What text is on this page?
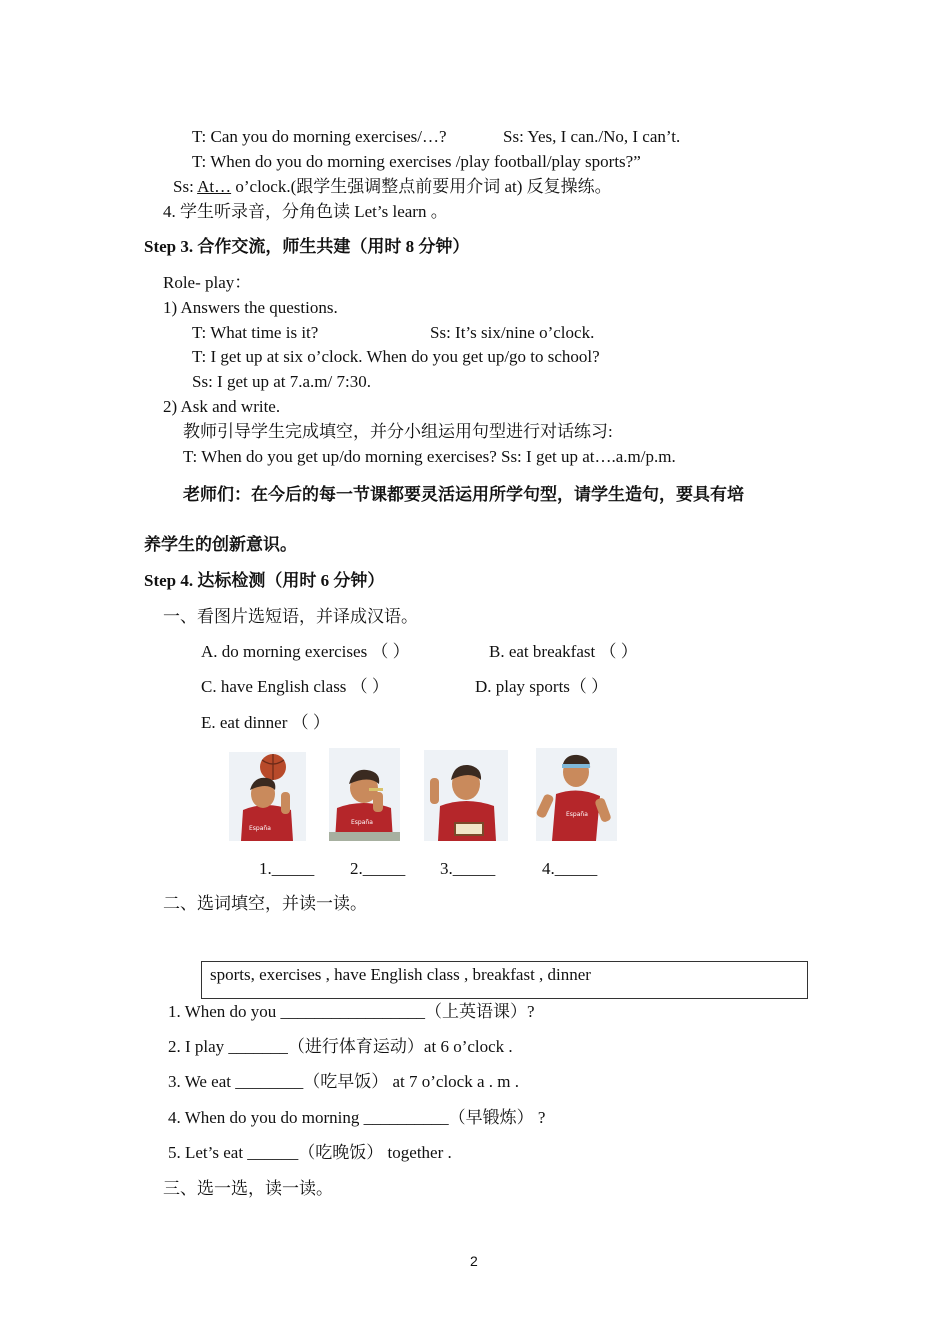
T: Can you do morning exercises/…?	Ss: Yes, I can./No, I can’t.
T: When do you do morning exercises /play football/play sports?”
Ss: At… o’clock.(跟学生强调整点前要用介词 at) 反复操练。
4. 学生听录音，分角色读 Let’s learn 。
Step 3. 合作交流，师生共建（用时 8 分钟）
Role- play：
1) Answers the questions.
T: What time is it?	Ss: It’s six/nine o’clock.
T: I get up at six o’clock. When do you get up/go to school?
Ss: I get up at 7.a.m/ 7:30.
2) Ask and write.
教师引导学生完成填空，并分小组运用句型进行对话练习:
T: When do you get up/do morning exercises? Ss: I get up at….a.m/p.m.
老师们：在今后的每一节课都要灵活运用所学句型，请学生造句，要具有培
养学生的创新意识。
Step 4. 达标检测（用时 6 分钟）
一、看图片选短语，并译成汉语。
A. do morning exercises （ ）	B. eat breakfast （ ）
C. have English class （ ）	D. play sports（ ）
E. eat dinner （ ）
España
España
España
1._____ 2._____ 3._____	4._____
二、选词填空，并读一读。
sports, exercises , have English class , breakfast , dinner
1. When do you _________________（上英语课）?
2. I play _______（进行体育运动）at 6 o’clock .
3. We eat ________（吃早饭） at 7 o’clock a . m .
4. When do you do morning __________（早锻炼） ?
5. Let’s eat ______（吃晚饭） together .
三、选一选，读一读。
2
